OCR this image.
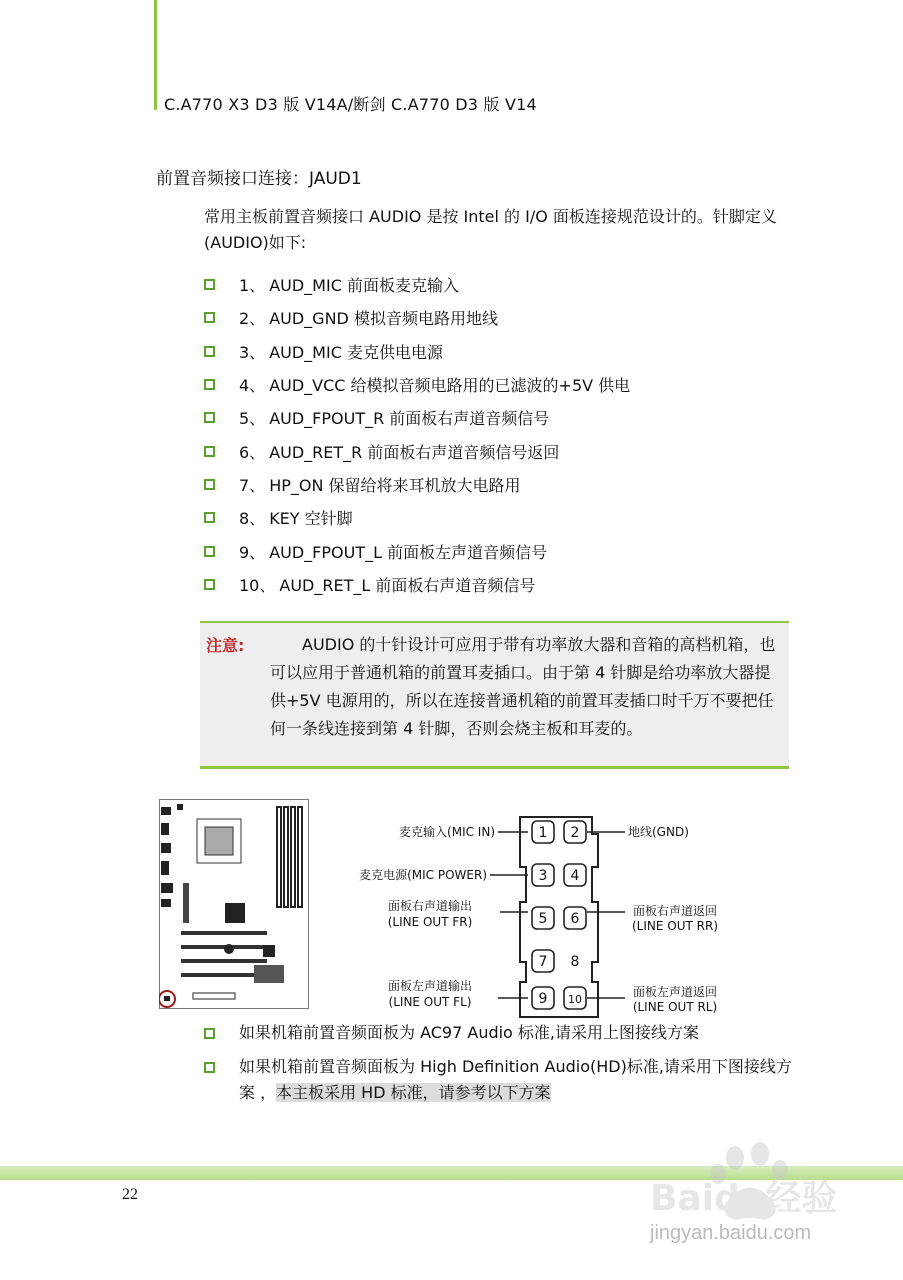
C.A770 X3 D3 版 V14A/断剑 C.A770 D3 版 V14
前置音频接口连接：JAUD1
常用主板前置音频接口 AUDIO 是按 Intel 的 I/O 面板连接规范设计的。针脚定义(AUDIO)如下:
1、 AUD_MIC 前面板麦克输入
2、 AUD_GND 模拟音频电路用地线
3、 AUD_MIC 麦克供电电源
4、 AUD_VCC 给模拟音频电路用的已滤波的+5V 供电
5、 AUD_FPOUT_R 前面板右声道音频信号
6、 AUD_RET_R 前面板右声道音频信号返回
7、 HP_ON 保留给将来耳机放大电路用
8、 KEY 空针脚
9、 AUD_FPOUT_L 前面板左声道音频信号
10、 AUD_RET_L 前面板右声道音频信号
注意:	AUDIO 的十针设计可应用于带有功率放大器和音箱的高档机箱，也可以应用于普通机箱的前置耳麦插口。由于第 4 针脚是给功率放大器提供+5V 电源用的，所以在连接普通机箱的前置耳麦插口时千万不要把任何一条线连接到第 4 针脚，否则会烧主板和耳麦的。
1 2
3 4
5 6
7 8
9 10
麦克输入(MIC IN)	地线(GND)
麦克电源(MIC POWER)
面板右声道输出
(LINE OUT FR)
面板右声道返回
(LINE OUT RR)
面板左声道输出
(LINE OUT FL)
面板左声道返回
(LINE OUT RL)
如果机箱前置音频面板为 AC97 Audio 标准,请采用上图接线方案
如果机箱前置音频面板为 High Definition Audio(HD)标准,请采用下图接线方案 ，本主板采用 HD 标准，请参考以下方案
22	Baidu经验
jingyan.baidu.com
